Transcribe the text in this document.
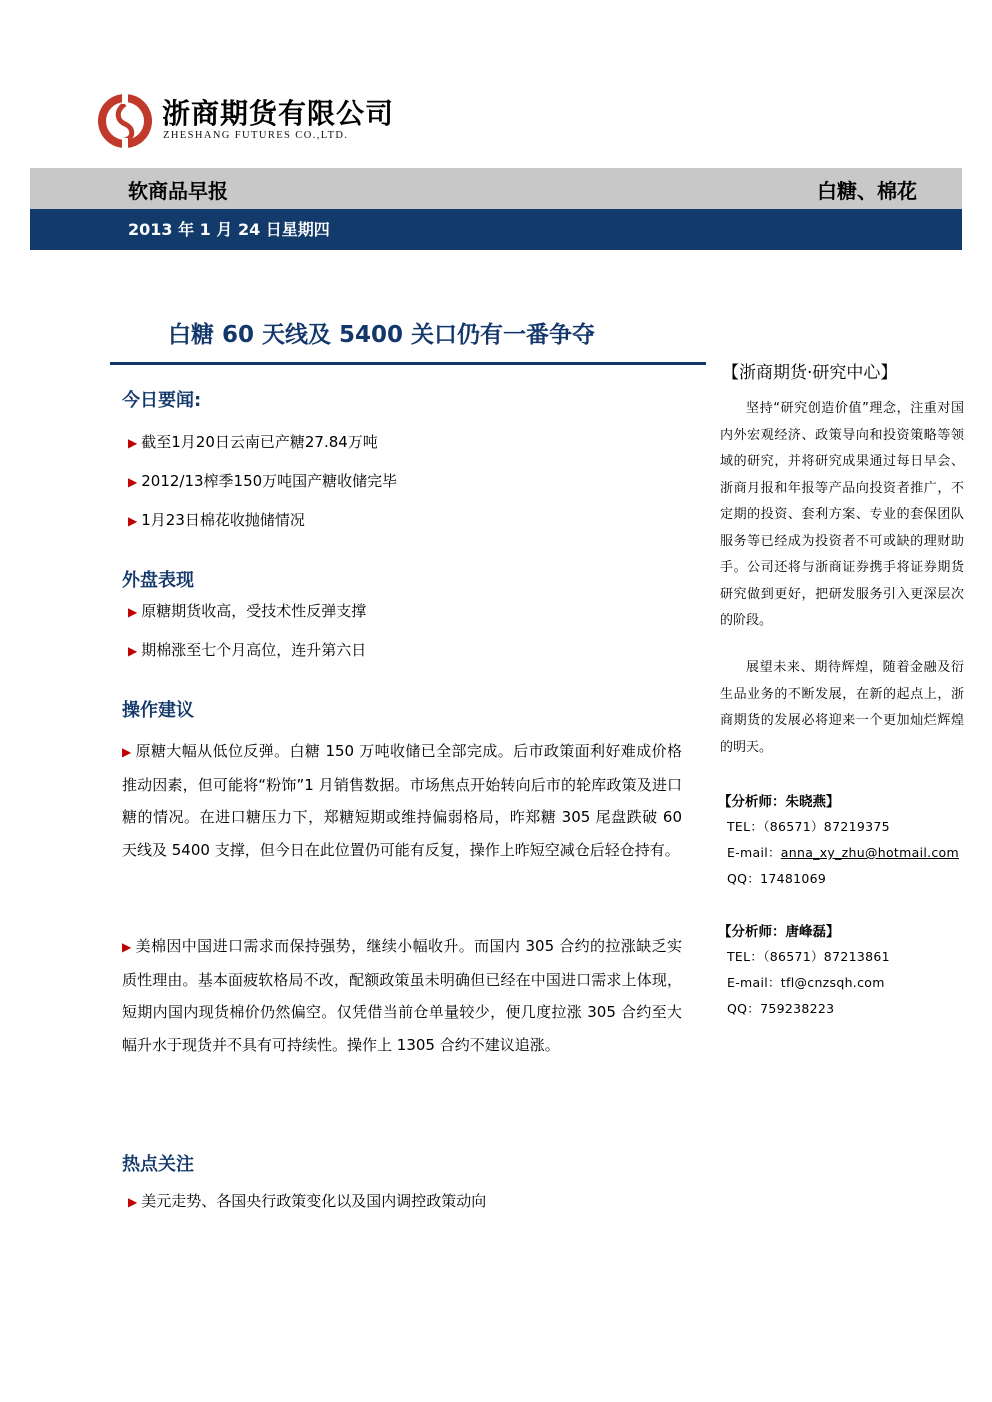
浙商期货有限公司
ZHESHANG FUTURES CO.,LTD.
软商品早报	白糖、棉花
2013 年 1 月 24 日星期四
白糖 60 天线及 5400 关口仍有一番争夺
今日要闻:
▶ 截至1月20日云南已产糖27.84万吨
▶ 2012/13榨季150万吨国产糖收储完毕
▶ 1月23日棉花收抛储情况
外盘表现
▶ 原糖期货收高，受技术性反弹支撑
▶ 期棉涨至七个月高位，连升第六日
操作建议
▶ 原糖大幅从低位反弹。白糖 150 万吨收储已全部完成。后市政策面利好难成价格推动因素，但可能将“粉饰”1 月销售数据。市场焦点开始转向后市的轮库政策及进口糖的情况。在进口糖压力下，郑糖短期或维持偏弱格局，昨郑糖 305 尾盘跌破 60 天线及 5400 支撑，但今日在此位置仍可能有反复，操作上昨短空减仓后轻仓持有。
▶ 美棉因中国进口需求而保持强势，继续小幅收升。而国内 305 合约的拉涨缺乏实质性理由。基本面疲软格局不改，配额政策虽未明确但已经在中国进口需求上体现，短期内国内现货棉价仍然偏空。仅凭借当前仓单量较少，便几度拉涨 305 合约至大幅升水于现货并不具有可持续性。操作上 1305 合约不建议追涨。
热点关注
▶ 美元走势、各国央行政策变化以及国内调控政策动向
【浙商期货·研究中心】
坚持“研究创造价值”理念，注重对国内外宏观经济、政策导向和投资策略等领域的研究，并将研究成果通过每日早会、浙商月报和年报等产品向投资者推广，不定期的投资、套利方案、专业的套保团队服务等已经成为投资者不可或缺的理财助手。公司还将与浙商证券携手将证券期货研究做到更好，把研发服务引入更深层次的阶段。
展望未来、期待辉煌，随着金融及衍生品业务的不断发展，在新的起点上，浙商期货的发展必将迎来一个更加灿烂辉煌的明天。
【分析师：朱晓燕】
TEL：（86571）87219375
E-mail：anna_xy_zhu@hotmail.com
QQ：17481069
【分析师：唐峰磊】
TEL：（86571）87213861
E-mail：tfl@cnzsqh.com
QQ：759238223
